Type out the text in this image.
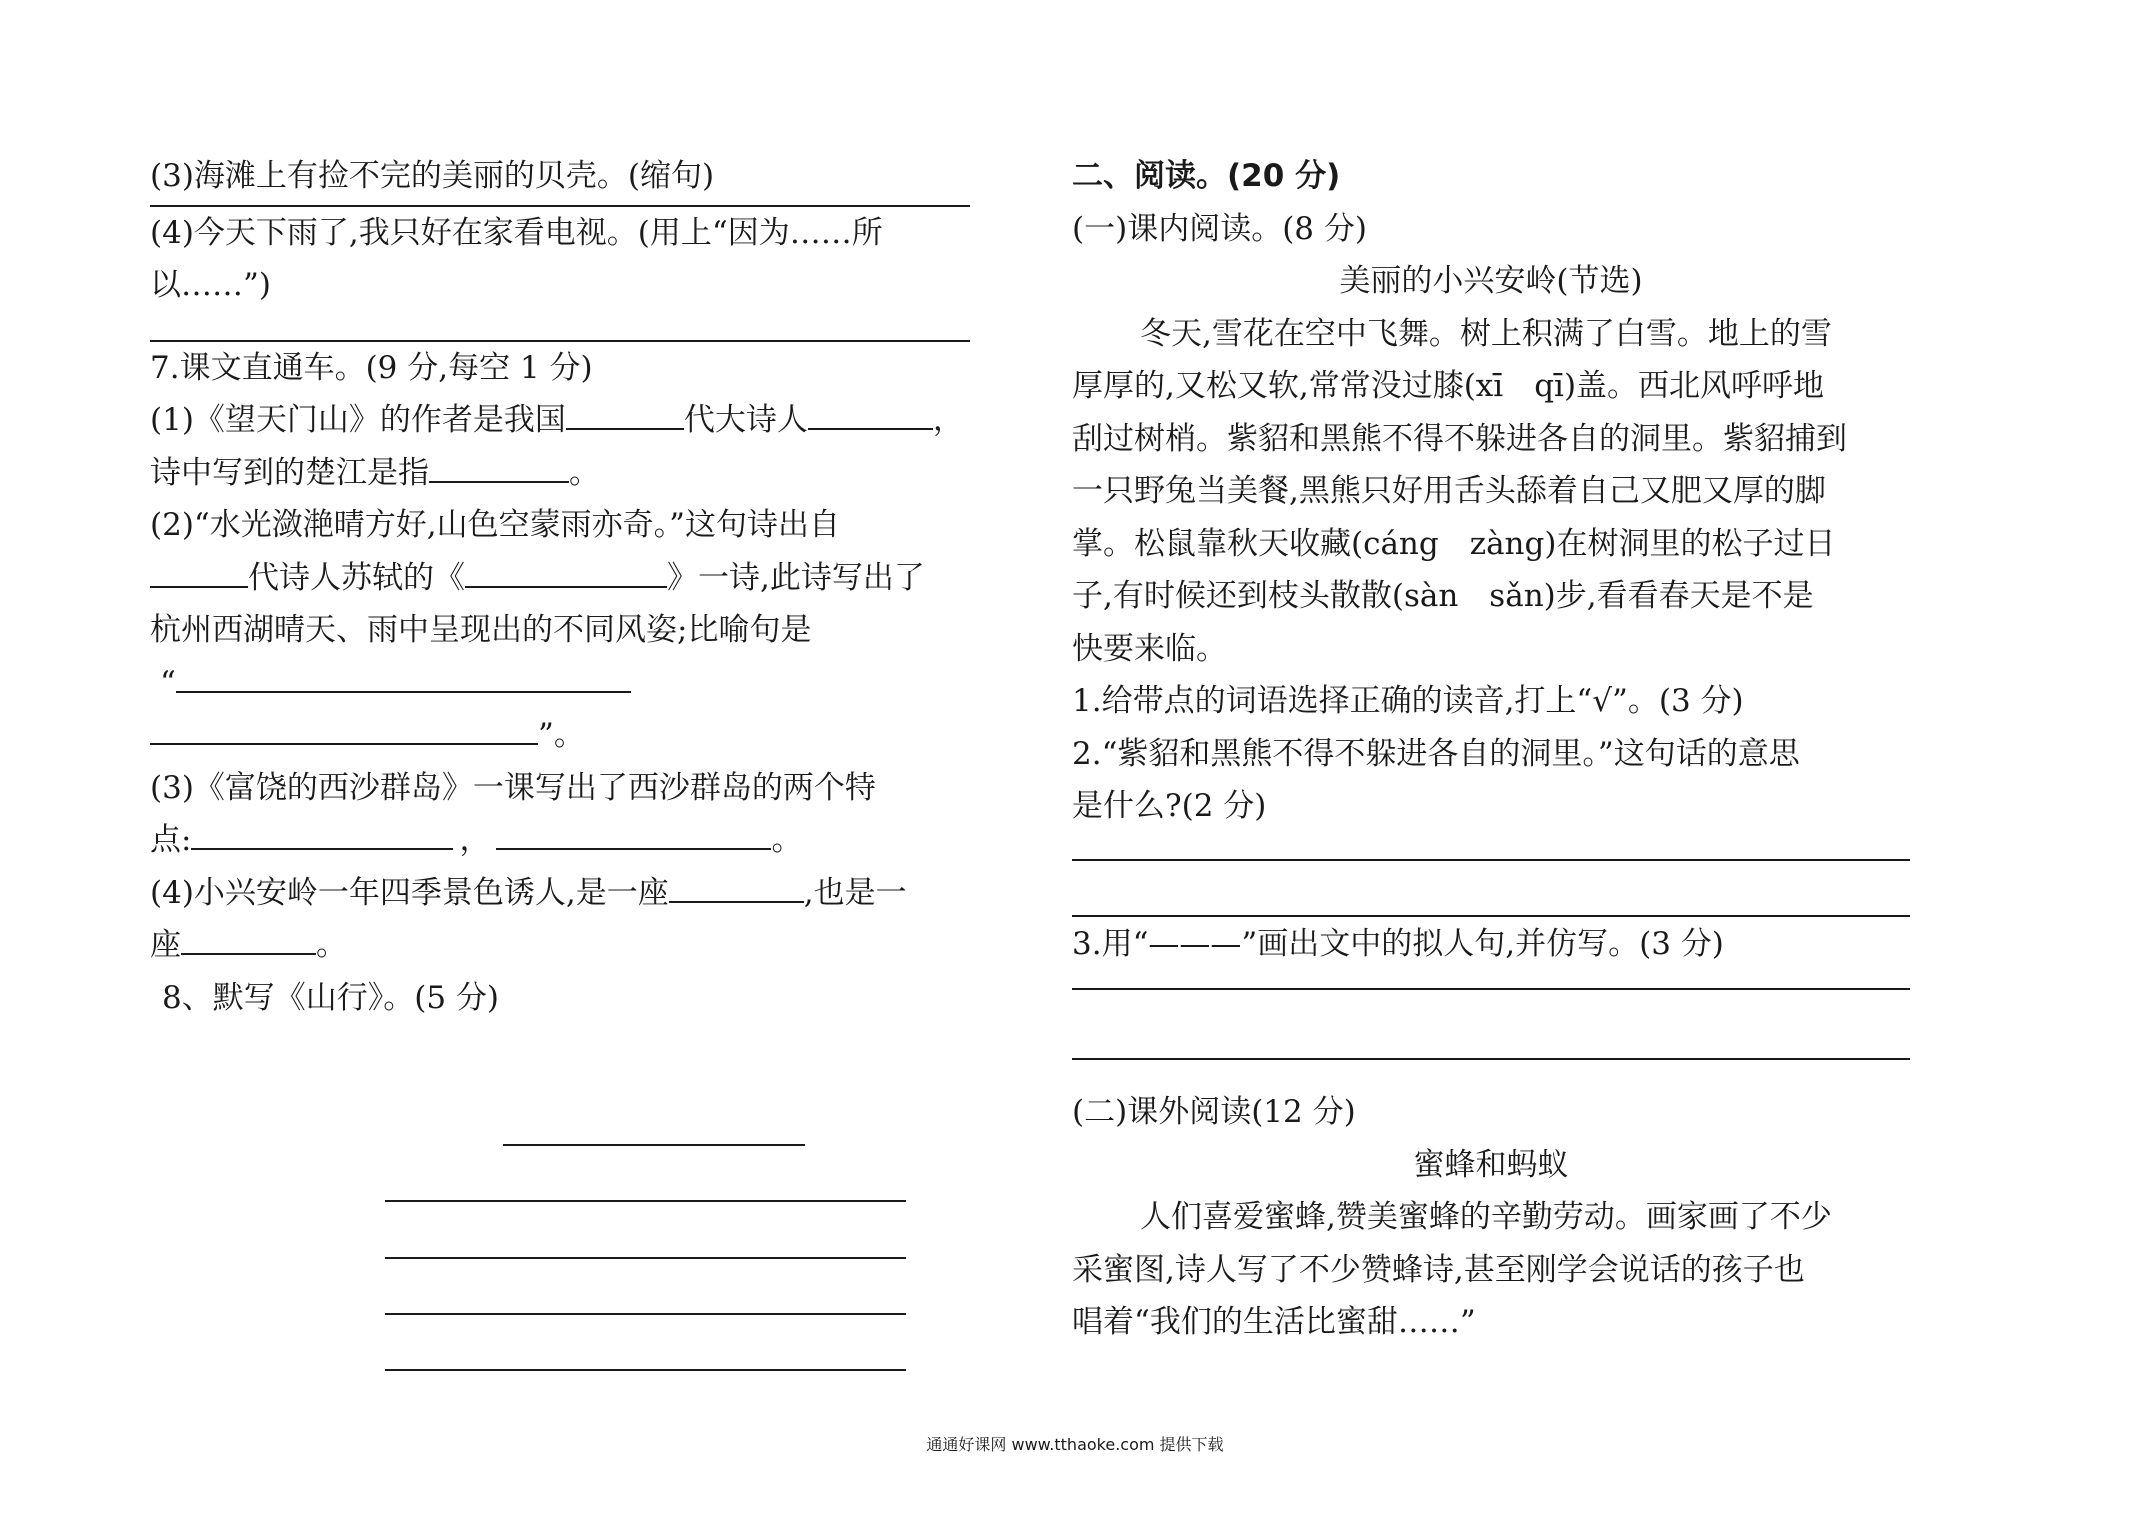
(3)海滩上有捡不完的美丽的贝壳。(缩句)
(4)今天下雨了,我只好在家看电视。(用上“因为……所
以……”)
7.课文直通车。(9 分,每空 1 分)
(1)《望天门山》的作者是我国	代大诗人	，
诗中写到的楚江是指	。
(2)“水光潋滟晴方好,山色空蒙雨亦奇。”这句诗出自
代诗人苏轼的《	》一诗,此诗写出了
杭州西湖晴天、雨中呈现出的不同风姿;比喻句是
“
”。
(3)《富饶的西沙群岛》一课写出了西沙群岛的两个特
点:	，	。
(4)小兴安岭一年四季景色诱人,是一座	,也是一
座	。
8、默写《山行》。(5 分)
二、阅读。(20 分)
(一)课内阅读。(8 分)
美丽的小兴安岭(节选)
冬天,雪花在空中飞舞。树上积满了白雪。地上的雪
厚厚的,又松又软,常常没过膝(xī　qī)盖。西北风呼呼地
刮过树梢。紫貂和黑熊不得不躲进各自的洞里。紫貂捕到
一只野兔当美餐,黑熊只好用舌头舔着自己又肥又厚的脚
掌。松鼠靠秋天收藏(cáng　zàng)在树洞里的松子过日
子,有时候还到枝头散散(sàn　sǎn)步,看看春天是不是
快要来临。
1.给带点的词语选择正确的读音,打上“√”。(3 分)
2.“紫貂和黑熊不得不躲进各自的洞里。”这句话的意思
是什么?(2 分)
3.用“———”画出文中的拟人句,并仿写。(3 分)
(二)课外阅读(12 分)
蜜蜂和蚂蚁
人们喜爱蜜蜂,赞美蜜蜂的辛勤劳动。画家画了不少
采蜜图,诗人写了不少赞蜂诗,甚至刚学会说话的孩子也
唱着“我们的生活比蜜甜……”
通通好课网 www.tthaoke.com 提供下载
